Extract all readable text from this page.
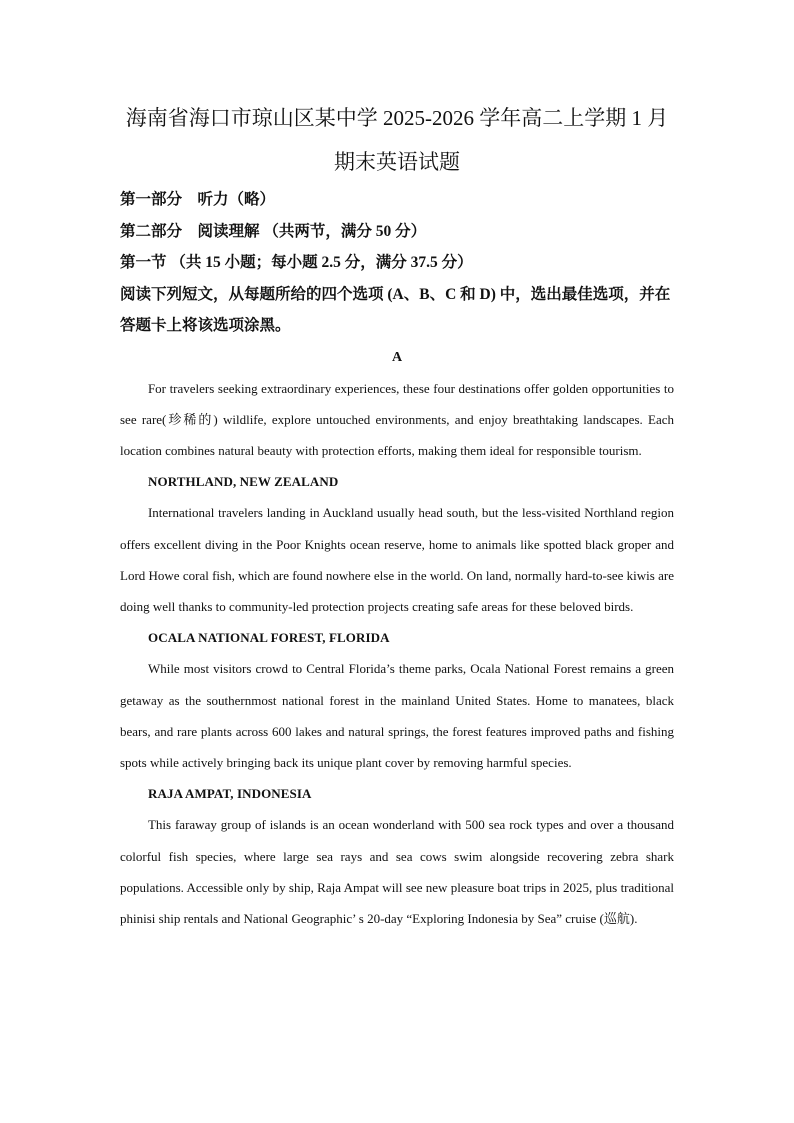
海南省海口市琼山区某中学 2025-2026 学年高二上学期 1 月
期末英语试题

第一部分　听力（略）

第二部分　阅读理解 （共两节，满分 50 分）

第一节 （共 15 小题；每小题 2.5 分，满分 37.5 分）

阅读下列短文，从每题所给的四个选项 (A、B、C 和 D) 中，选出最佳选项，并在答题卡上将该选项涂黑。

A

For travelers seeking extraordinary experiences, these four destinations offer golden opportunities to see rare(珍稀的) wildlife, explore untouched environments, and enjoy breathtaking landscapes. Each location combines natural beauty with protection efforts, making them ideal for responsible tourism.

NORTHLAND, NEW ZEALAND

International travelers landing in Auckland usually head south, but the less-visited Northland region offers excellent diving in the Poor Knights ocean reserve, home to animals like spotted black groper and Lord Howe coral fish, which are found nowhere else in the world. On land, normally hard-to-see kiwis are doing well thanks to community-led protection projects creating safe areas for these beloved birds.

OCALA NATIONAL FOREST, FLORIDA

While most visitors crowd to Central Florida’s theme parks, Ocala National Forest remains a green getaway as the southernmost national forest in the mainland United States. Home to manatees, black bears, and rare plants across 600 lakes and natural springs, the forest features improved paths and fishing spots while actively bringing back its unique plant cover by removing harmful species.

RAJA AMPAT, INDONESIA

This faraway group of islands is an ocean wonderland with 500 sea rock types and over a thousand colorful fish species, where large sea rays and sea cows swim alongside recovering zebra shark populations. Accessible only by ship, Raja Ampat will see new pleasure boat trips in 2025, plus traditional phinisi ship rentals and National Geographic’ s 20-day “Exploring Indonesia by Sea” cruise (巡航).
